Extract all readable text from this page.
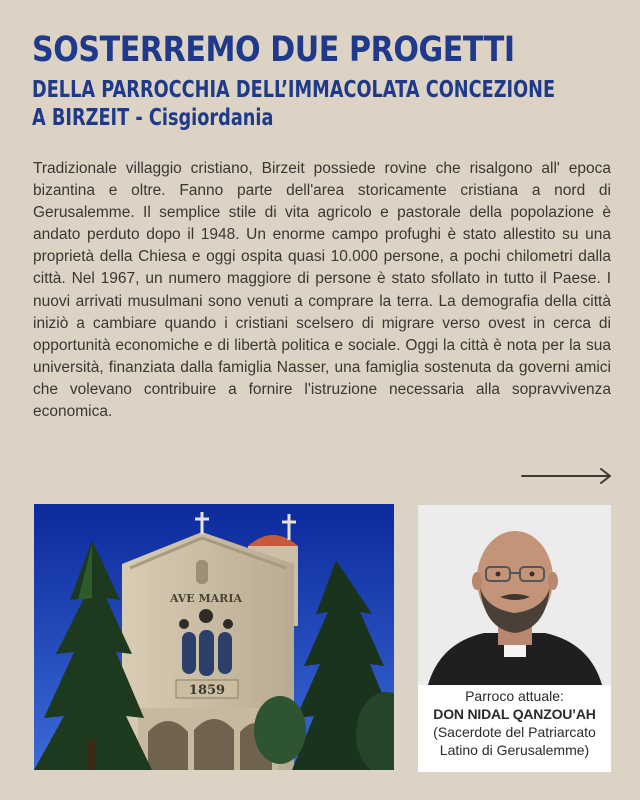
SOSTERREMO DUE PROGETTI
DELLA PARROCCHIA DELL’IMMACOLATA CONCEZIONE
A BIRZEIT - Cisgiordania

Tradizionale villaggio cristiano, Birzeit possiede rovine che risalgono all' epoca bizantina e oltre. Fanno parte dell'area storicamente cristiana a nord di Gerusalemme. Il semplice stile di vita agricolo e pastorale della popolazione è andato perduto dopo il 1948. Un enorme campo profughi è stato allestito su una proprietà della Chiesa e oggi ospita quasi 10.000 persone, a pochi chilometri dalla città. Nel 1967, un numero maggiore di persone è stato sfollato in tutto il Paese. I nuovi arrivati musulmani sono venuti a comprare la terra. La demografia della città iniziò a cambiare quando i cristiani scelsero di migrare verso ovest in cerca di opportunità economiche e di libertà politica e sociale. Oggi la città è nota per la sua università, finanziata dalla famiglia Nasser, una famiglia sostenuta da governi amici che volevano contribuire a fornire l'istruzione necessaria alla sopravvivenza economica.

AVE MARIA
1859	Parroco attuale:
DON NIDAL QANZOU’AH
(Sacerdote del Patriarcato
Latino di Gerusalemme)
